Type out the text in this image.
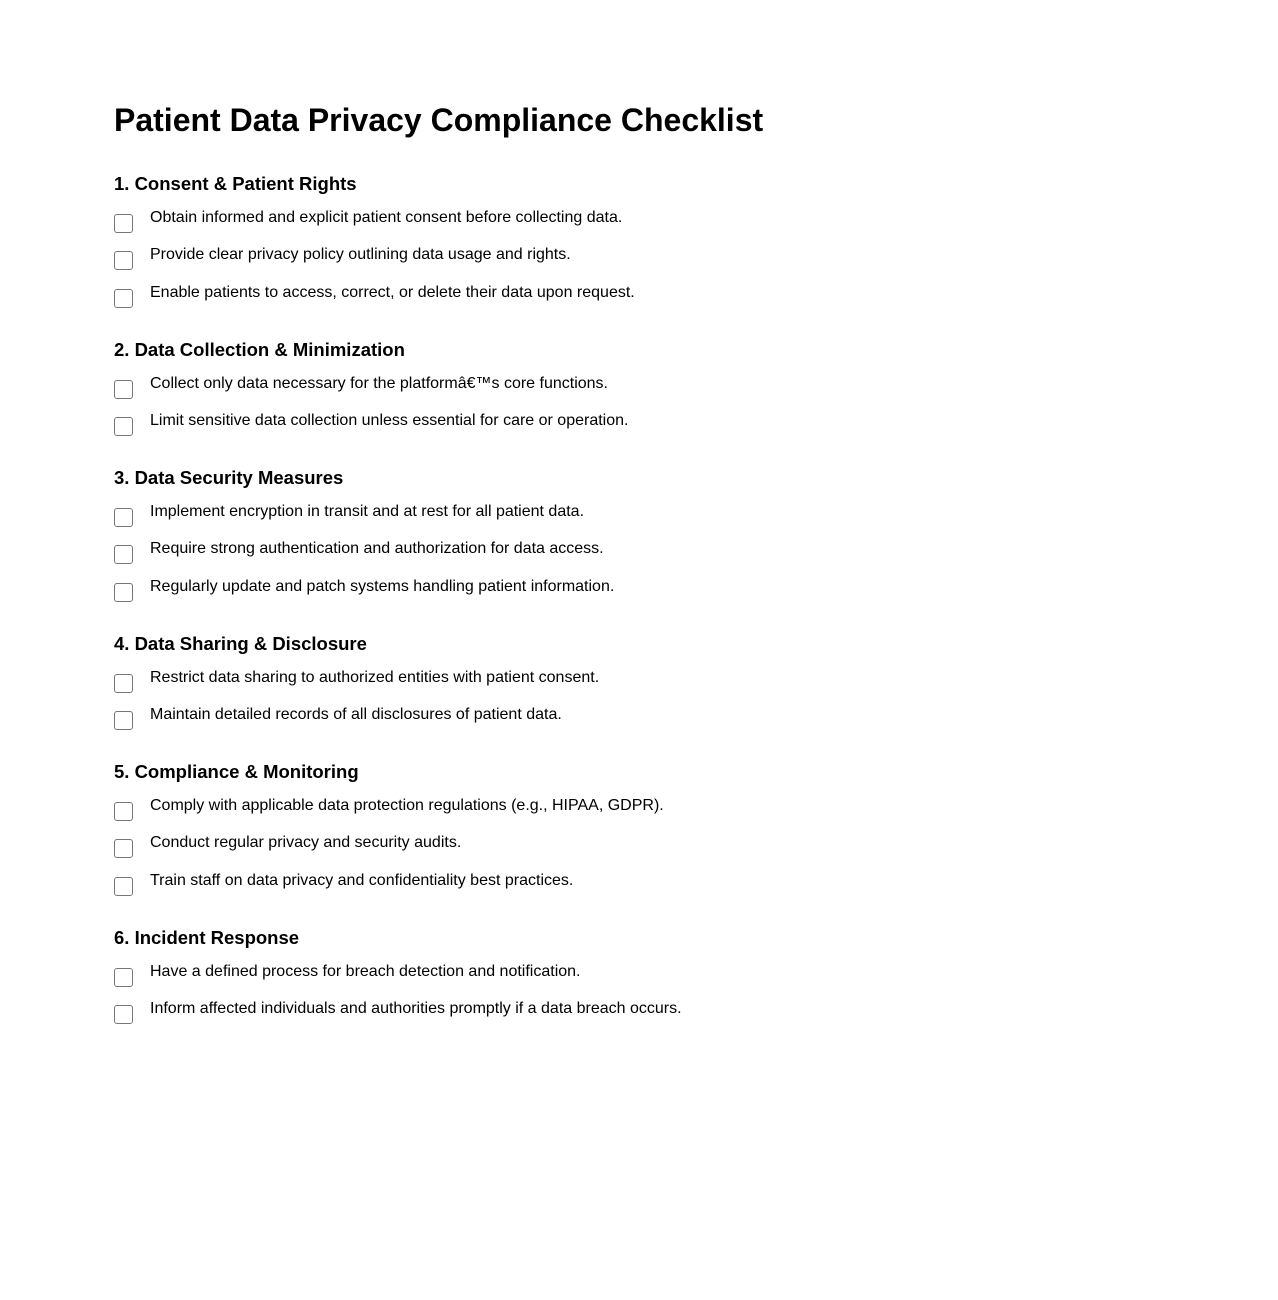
Patient Data Privacy Compliance Checklist
1. Consent & Patient Rights
Obtain informed and explicit patient consent before collecting data.
Provide clear privacy policy outlining data usage and rights.
Enable patients to access, correct, or delete their data upon request.
2. Data Collection & Minimization
Collect only data necessary for the platformâ€™s core functions.
Limit sensitive data collection unless essential for care or operation.
3. Data Security Measures
Implement encryption in transit and at rest for all patient data.
Require strong authentication and authorization for data access.
Regularly update and patch systems handling patient information.
4. Data Sharing & Disclosure
Restrict data sharing to authorized entities with patient consent.
Maintain detailed records of all disclosures of patient data.
5. Compliance & Monitoring
Comply with applicable data protection regulations (e.g., HIPAA, GDPR).
Conduct regular privacy and security audits.
Train staff on data privacy and confidentiality best practices.
6. Incident Response
Have a defined process for breach detection and notification.
Inform affected individuals and authorities promptly if a data breach occurs.
